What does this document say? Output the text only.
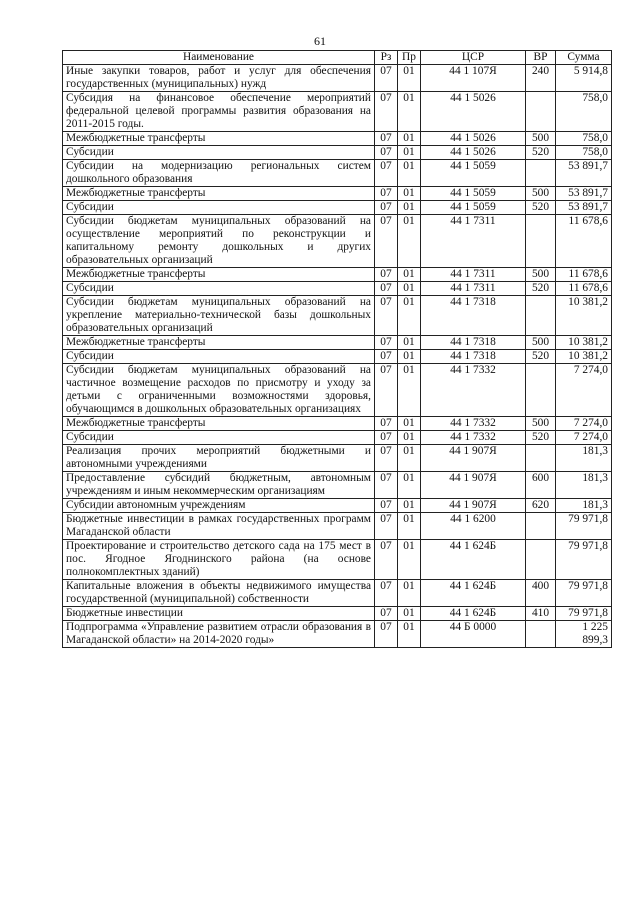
61
Наименование	Рз	Пр	ЦСР	ВР	Сумма
Иные закупки товаров, работ и услуг для обеспечения государственных (муниципальных) нужд	07	01	44 1 107Я	240	5 914,8
Субсидия на финансовое обеспечение мероприятий федеральной целевой программы развития образования на 2011-2015 годы.	07	01	44 1 5026		758,0
Межбюджетные трансферты	07	01	44 1 5026	500	758,0
Субсидии	07	01	44 1 5026	520	758,0
Субсидии на модернизацию региональных систем дошкольного образования	07	01	44 1 5059		53 891,7
Межбюджетные трансферты	07	01	44 1 5059	500	53 891,7
Субсидии	07	01	44 1 5059	520	53 891,7
Субсидии бюджетам муниципальных образований на осуществление мероприятий по реконструкции и капитальному ремонту дошкольных и других образовательных организаций	07	01	44 1 7311		11 678,6
Межбюджетные трансферты	07	01	44 1 7311	500	11 678,6
Субсидии	07	01	44 1 7311	520	11 678,6
Субсидии бюджетам муниципальных образований на укрепление материально-технической базы дошкольных образовательных организаций	07	01	44 1 7318		10 381,2
Межбюджетные трансферты	07	01	44 1 7318	500	10 381,2
Субсидии	07	01	44 1 7318	520	10 381,2
Субсидии бюджетам муниципальных образований на частичное возмещение расходов по присмотру и уходу за детьми с ограниченными возможностями здоровья, обучающимся в дошкольных образовательных организациях	07	01	44 1 7332		7 274,0
Межбюджетные трансферты	07	01	44 1 7332	500	7 274,0
Субсидии	07	01	44 1 7332	520	7 274,0
Реализация прочих мероприятий бюджетными и автономными учреждениями	07	01	44 1 907Я		181,3
Предоставление субсидий бюджетным, автономным учреждениям и иным некоммерческим организациям	07	01	44 1 907Я	600	181,3
Субсидии автономным учреждениям	07	01	44 1 907Я	620	181,3
Бюджетные инвестиции в рамках государственных программ Магаданской области	07	01	44 1 6200		79 971,8
Проектирование и строительство детского сада на 175 мест в пос. Ягодное Ягоднинского района (на основе полнокомплектных зданий)	07	01	44 1 624Б		79 971,8
Капитальные вложения в объекты недвижимого имущества государственной (муниципальной) собственности	07	01	44 1 624Б	400	79 971,8
Бюджетные инвестиции	07	01	44 1 624Б	410	79 971,8
Подпрограмма «Управление развитием отрасли образования в Магаданской области» на 2014-2020 годы»	07	01	44 Б 0000		1 225 899,3
